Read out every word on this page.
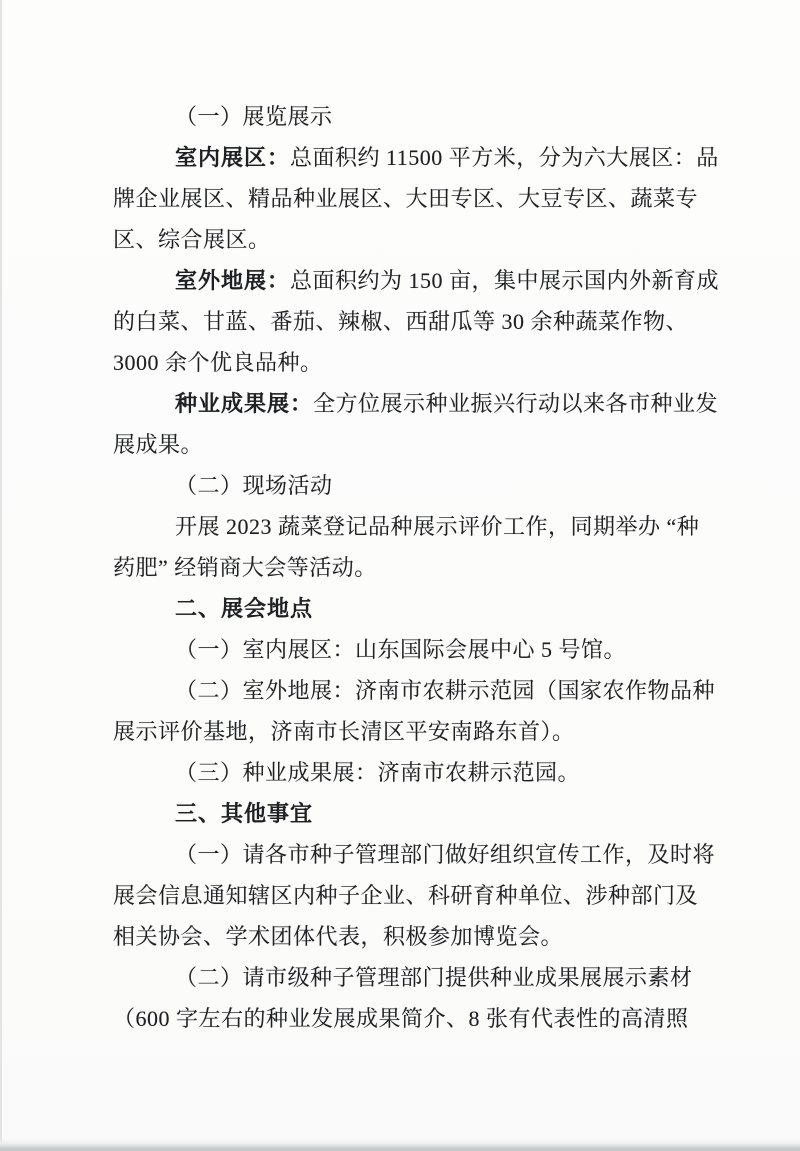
（一）展览展示
室内展区：总面积约 11500 平方米，分为六大展区：品
牌企业展区、精品种业展区、大田专区、大豆专区、蔬菜专
区、综合展区。
室外地展：总面积约为 150 亩，集中展示国内外新育成
的白菜、甘蓝、番茄、辣椒、西甜瓜等 30 余种蔬菜作物、
3000 余个优良品种。
种业成果展：全方位展示种业振兴行动以来各市种业发
展成果。
（二）现场活动
开展 2023 蔬菜登记品种展示评价工作，同期举办 “种
药肥” 经销商大会等活动。
二、展会地点
（一）室内展区：山东国际会展中心 5 号馆。
（二）室外地展：济南市农耕示范园（国家农作物品种
展示评价基地，济南市长清区平安南路东首）。
（三）种业成果展：济南市农耕示范园。
三、其他事宜
（一）请各市种子管理部门做好组织宣传工作，及时将
展会信息通知辖区内种子企业、科研育种单位、涉种部门及
相关协会、学术团体代表，积极参加博览会。
（二）请市级种子管理部门提供种业成果展展示素材
（600 字左右的种业发展成果简介、8 张有代表性的高清照
